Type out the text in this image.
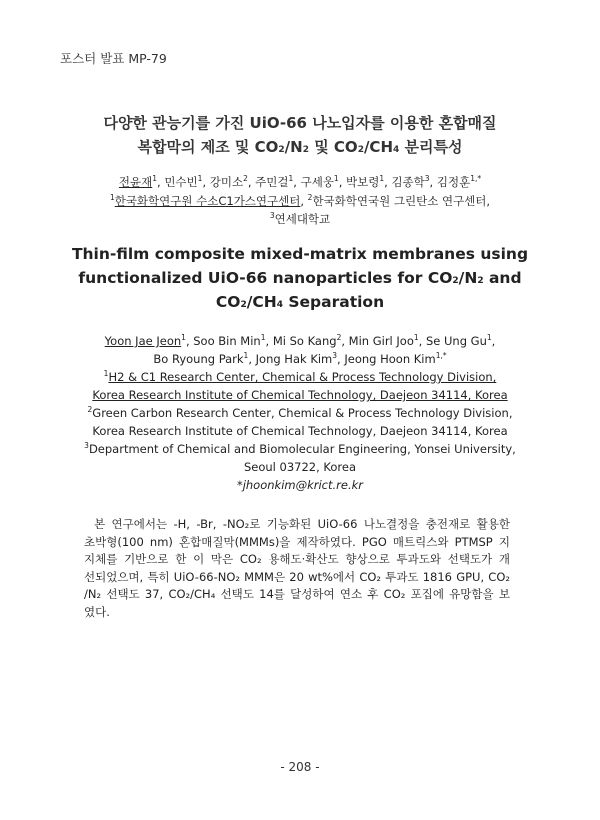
포스터 발표 MP-79
다양한 관능기를 가진 UiO-66 나노입자를 이용한 혼합매질
복합막의 제조 및 CO2/N2 및 CO2/CH4 분리특성
전윤재$^1$, 민수빈$^1$, 강미소$^2$, 주민걸$^1$, 구세웅$^1$, 박보령$^1$, 김종학$^3$, 김정훈$^{1,*}$
$^1$한국화학연구원 수소C1가스연구센터, $^2$한국화학연국원 그린탄소 연구센터,
$^3$연세대학교
Thin-film composite mixed-matrix membranes using
functionalized UiO-66 nanoparticles for CO2/N2 and
CO2/CH4 Separation
Yoon Jae Jeon$^1$, Soo Bin Min$^1$, Mi So Kang$^2$, Min Girl Joo$^1$, Se Ung Gu$^1$,
Bo Ryoung Park$^1$, Jong Hak Kim$^3$, Jeong Hoon Kim$^{1,*}$
$^1$H2 & C1 Research Center, Chemical & Process Technology Division,
Korea Research Institute of Chemical Technology, Daejeon 34114, Korea
$^2$Green Carbon Research Center, Chemical & Process Technology Division,
Korea Research Institute of Chemical Technology, Daejeon 34114, Korea
$^3$Department of Chemical and Biomolecular Engineering, Yonsei University,
Seoul 03722, Korea
*jhoonkim@krict.re.kr
본 연구에서는 -H, -Br, -NO₂로 기능화된 UiO-66 나노결정을 충전재로 활용한
초박형(100 nm) 혼합매질막(MMMs)을 제작하였다. PGO 매트릭스와 PTMSP 지
지체를 기반으로 한 이 막은 CO₂ 용해도·확산도 향상으로 투과도와 선택도가 개
선되었으며, 특히 UiO-66-NO₂ MMM은 20 wt%에서 CO₂ 투과도 1816 GPU, CO₂
/N₂ 선택도 37, CO₂/CH₄ 선택도 14를 달성하여 연소 후 CO₂ 포집에 유망함을 보
였다.
- 208 -
